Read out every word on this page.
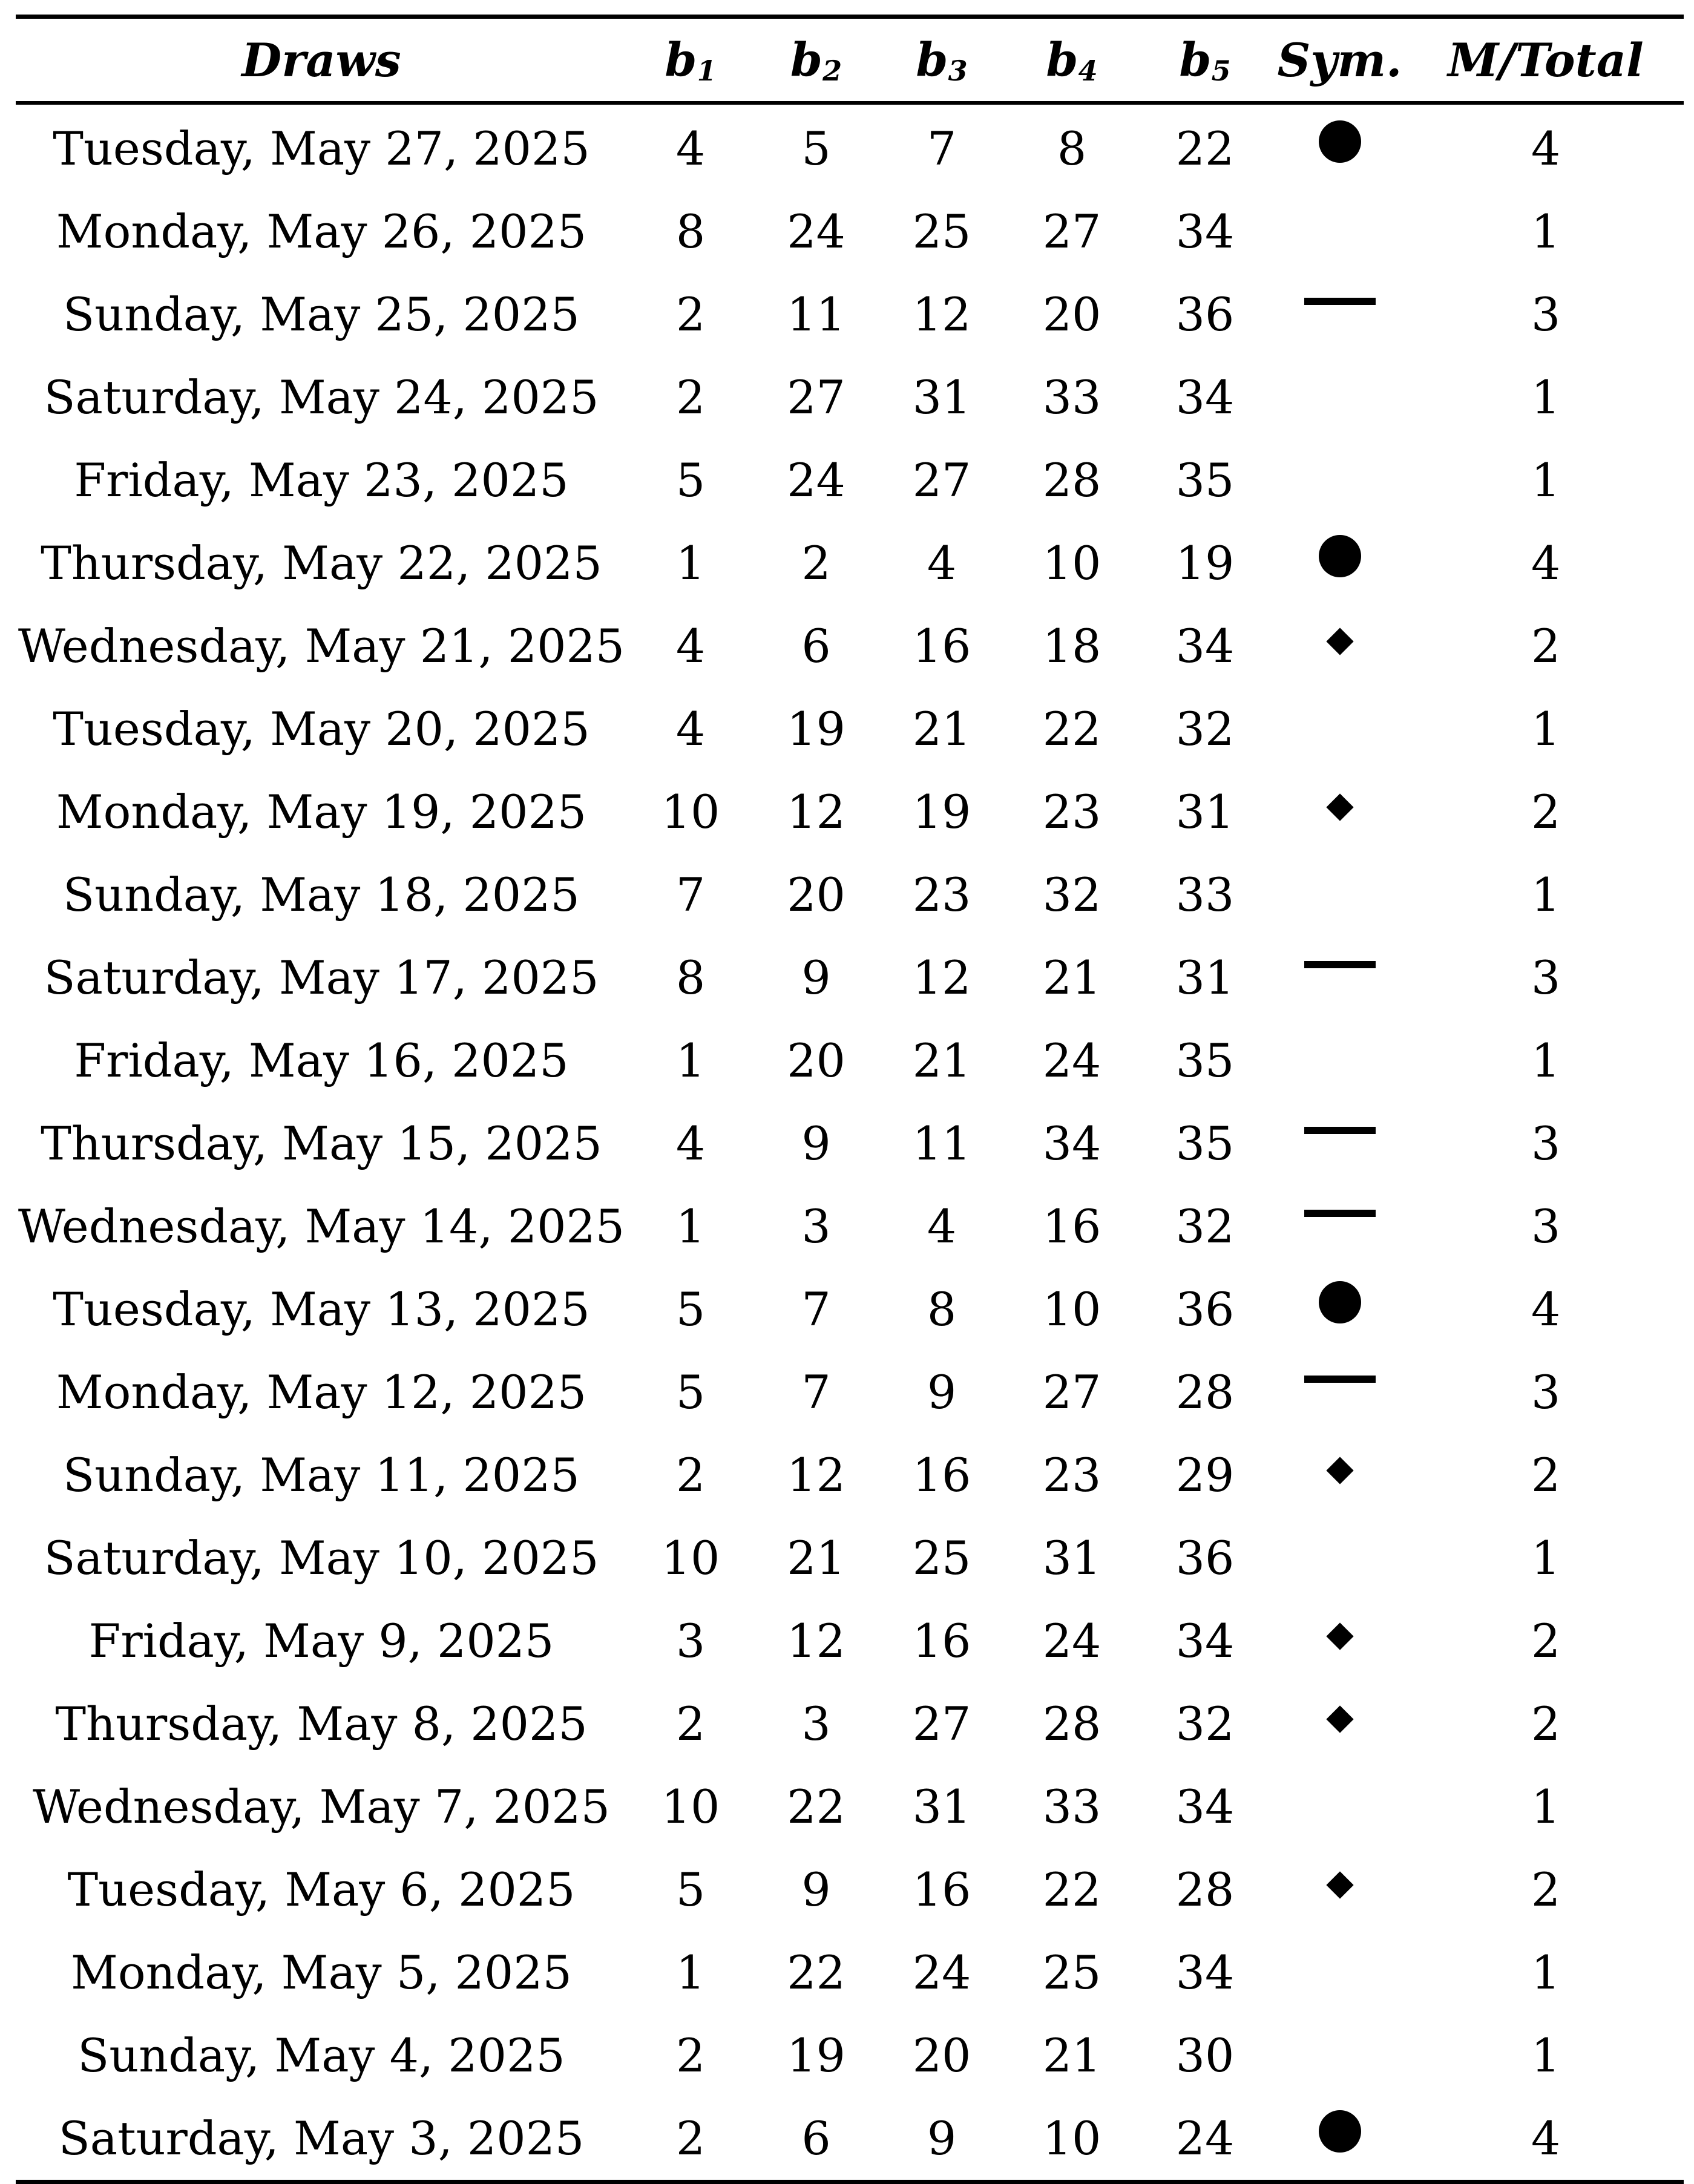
Draws	$b_1$	$b_2$	$b_3$	$b_4$	$b_5$	Sym.	M/Total

Tuesday, May 27, 2025	4	5	7	8	22		4
Monday, May 26, 2025	8	24	25	27	34		1
Sunday, May 25, 2025	2	11	12	20	36		3
Saturday, May 24, 2025	2	27	31	33	34		1
Friday, May 23, 2025	5	24	27	28	35		1
Thursday, May 22, 2025	1	2	4	10	19		4
Wednesday, May 21, 2025	4	6	16	18	34		2
Tuesday, May 20, 2025	4	19	21	22	32		1
Monday, May 19, 2025	10	12	19	23	31		2
Sunday, May 18, 2025	7	20	23	32	33		1
Saturday, May 17, 2025	8	9	12	21	31		3
Friday, May 16, 2025	1	20	21	24	35		1
Thursday, May 15, 2025	4	9	11	34	35		3
Wednesday, May 14, 2025	1	3	4	16	32		3
Tuesday, May 13, 2025	5	7	8	10	36		4
Monday, May 12, 2025	5	7	9	27	28		3
Sunday, May 11, 2025	2	12	16	23	29		2
Saturday, May 10, 2025	10	21	25	31	36		1
Friday, May 9, 2025	3	12	16	24	34		2
Thursday, May 8, 2025	2	3	27	28	32		2
Wednesday, May 7, 2025	10	22	31	33	34		1
Tuesday, May 6, 2025	5	9	16	22	28		2
Monday, May 5, 2025	1	22	24	25	34		1
Sunday, May 4, 2025	2	19	20	21	30		1
Saturday, May 3, 2025	2	6	9	10	24		4
